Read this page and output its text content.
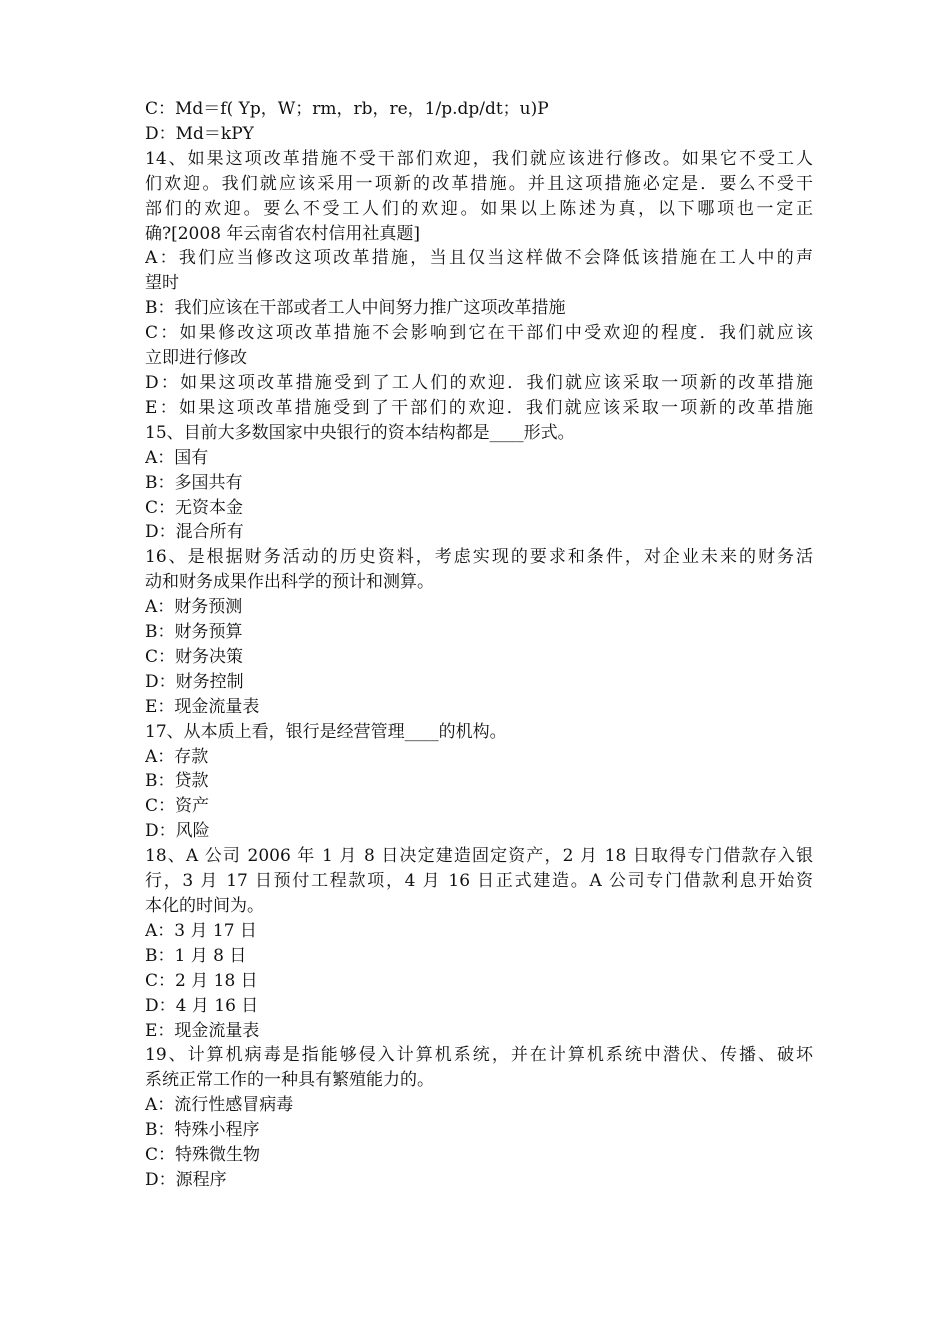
C：Md＝f( Yp，W；rm，rb，re，1/p.dp/dt；u)P
D：Md＝kPY
14、如果这项改革措施不受干部们欢迎，我们就应该进行修改。如果它不受工人
们欢迎。我们就应该采用一项新的改革措施。并且这项措施必定是．要么不受干
部们的欢迎。要么不受工人们的欢迎。如果以上陈述为真，以下哪项也一定正
确?[2008 年云南省农村信用社真题]
A：我们应当修改这项改革措施，当且仅当这样做不会降低该措施在工人中的声
望时
B：我们应该在干部或者工人中间努力推广这项改革措施
C：如果修改这项改革措施不会影响到它在干部们中受欢迎的程度．我们就应该
立即进行修改
D：如果这项改革措施受到了工人们的欢迎．我们就应该采取一项新的改革措施
E：如果这项改革措施受到了干部们的欢迎．我们就应该采取一项新的改革措施
15、目前大多数国家中央银行的资本结构都是____形式。
A：国有
B：多国共有
C：无资本金
D：混合所有
16、是根据财务活动的历史资料，考虑实现的要求和条件，对企业未来的财务活
动和财务成果作出科学的预计和测算。
A：财务预测
B：财务预算
C：财务决策
D：财务控制
E：现金流量表
17、从本质上看，银行是经营管理____的机构。
A：存款
B：贷款
C：资产
D：风险
18、A 公司 2006 年 1 月 8 日决定建造固定资产，2 月 18 日取得专门借款存入银
行，3 月 17 日预付工程款项，4 月 16 日正式建造。A 公司专门借款利息开始资
本化的时间为。
A：3 月 17 日
B：1 月 8 日
C：2 月 18 日
D：4 月 16 日
E：现金流量表
19、计算机病毒是指能够侵入计算机系统，并在计算机系统中潜伏、传播、破坏
系统正常工作的一种具有繁殖能力的。
A：流行性感冒病毒
B：特殊小程序
C：特殊微生物
D：源程序
